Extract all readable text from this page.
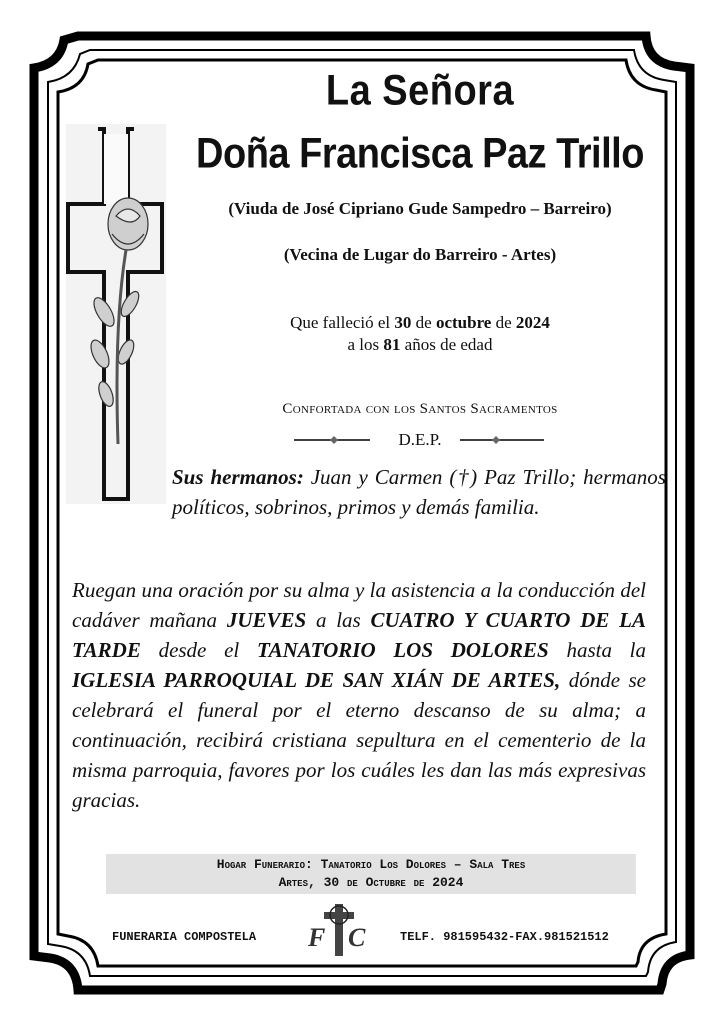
La Señora
Doña Francisca Paz Trillo
(Viuda de José Cipriano Gude Sampedro – Barreiro)
(Vecina de Lugar do Barreiro - Artes)
Que falleció el 30 de octubre de 2024
a los 81 años de edad
Confortada con los Santos Sacramentos
D.E.P.
Sus hermanos: Juan y Carmen (†) Paz Trillo; hermanos políticos, sobrinos, primos y demás familia.
Ruegan una oración por su alma y la asistencia a la conducción del cadáver mañana JUEVES a las CUATRO Y CUARTO DE LA TARDE desde el TANATORIO LOS DOLORES hasta la IGLESIA PARROQUIAL DE SAN XIÁN DE ARTES, dónde se celebrará el funeral por el eterno descanso de su alma; a continuación, recibirá cristiana sepultura en el cementerio de la misma parroquia, favores por los cuáles les dan las más expresivas gracias.
Hogar Funerario: Tanatorio Los Dolores – Sala Tres
Artes, 30 de Octubre de 2024
FUNERARIA COMPOSTELA F C	TELF. 981595432-FAX.981521512
